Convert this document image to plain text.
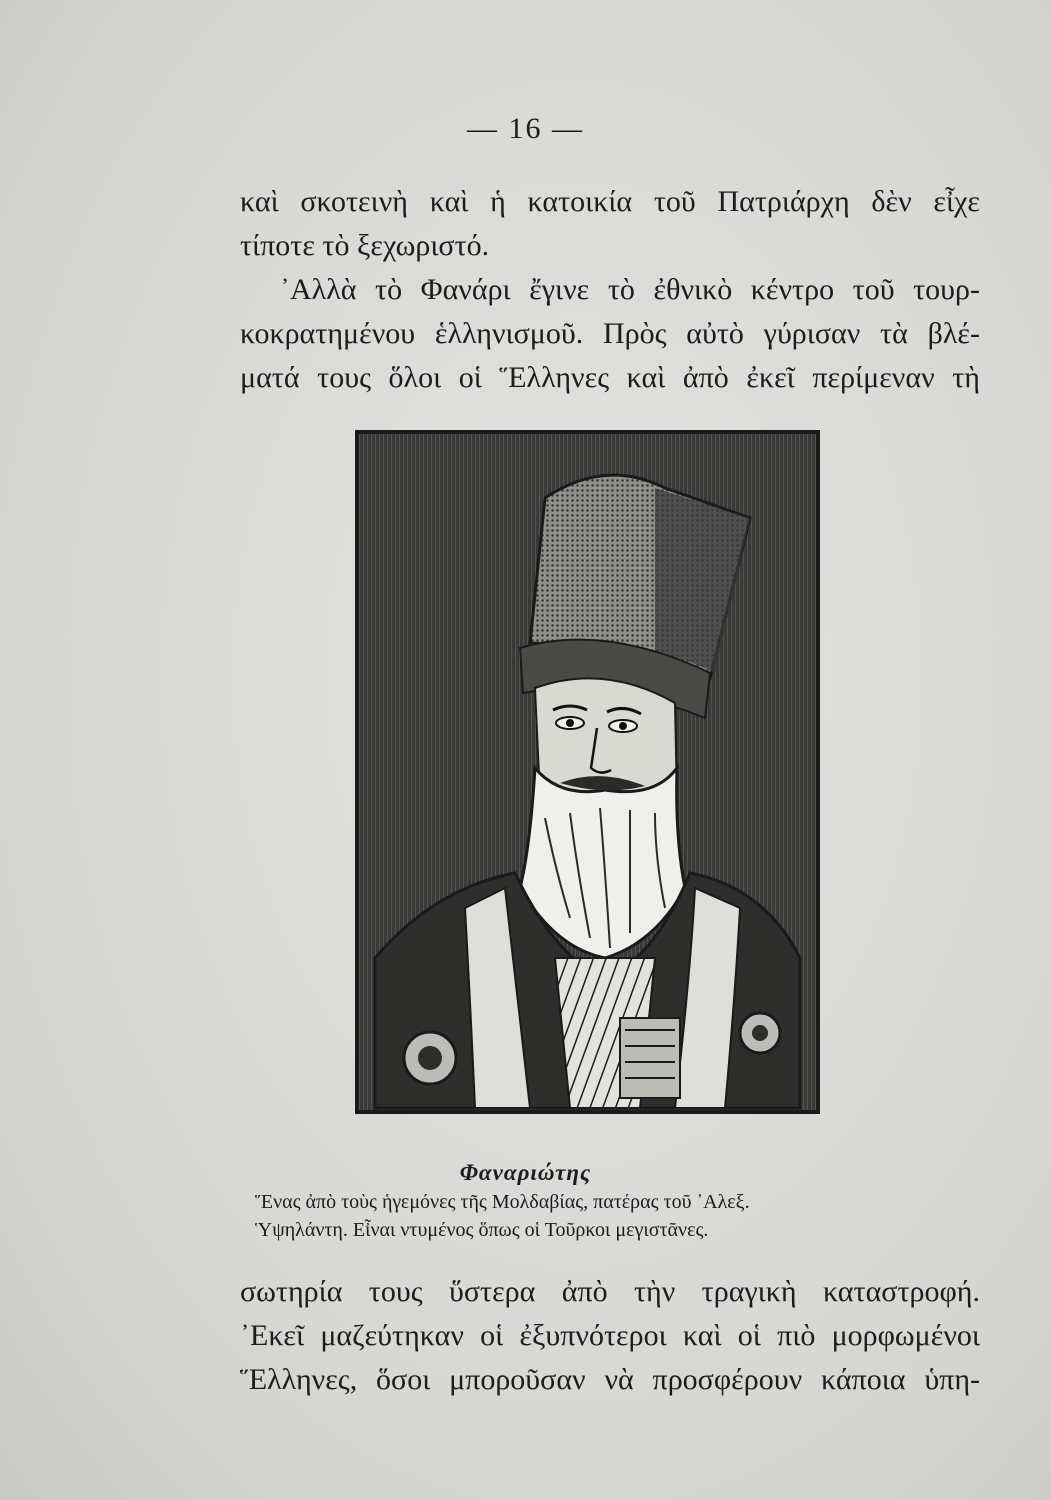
— 16 —
καὶ σκοτεινὴ καὶ ἡ κατοικία τοῦ Πατριάρχη δὲν εἶχε
τίποτε τὸ ξεχωριστό.
᾿Αλλὰ τὸ Φανάρι ἔγινε τὸ ἐθνικὸ κέντρο τοῦ τουρ-
κοκρατημένου ἑλληνισμοῦ. Πρὸς αὐτὸ γύρισαν τὰ βλέ-
ματά τους ὅλοι οἱ Ἕλληνες καὶ ἀπὸ ἐκεῖ περίμεναν τὴ
Φαναριώτης
Ἕνας ἀπὸ τοὺς ἡγεμόνες τῆς Μολδαβίας, πατέρας τοῦ ᾿Αλεξ.
Ὑψηλάντη. Εἶναι ντυμένος ὅπως οἱ Τοῦρκοι μεγιστᾶνες.
σωτηρία τους ὕστερα ἀπὸ τὴν τραγικὴ καταστροφή.
᾿Εκεῖ μαζεύτηκαν οἱ ἐξυπνότεροι καὶ οἱ πιὸ μορφωμένοι
Ἕλληνες, ὅσοι μποροῦσαν νὰ προσφέρουν κάποια ὑπη-
